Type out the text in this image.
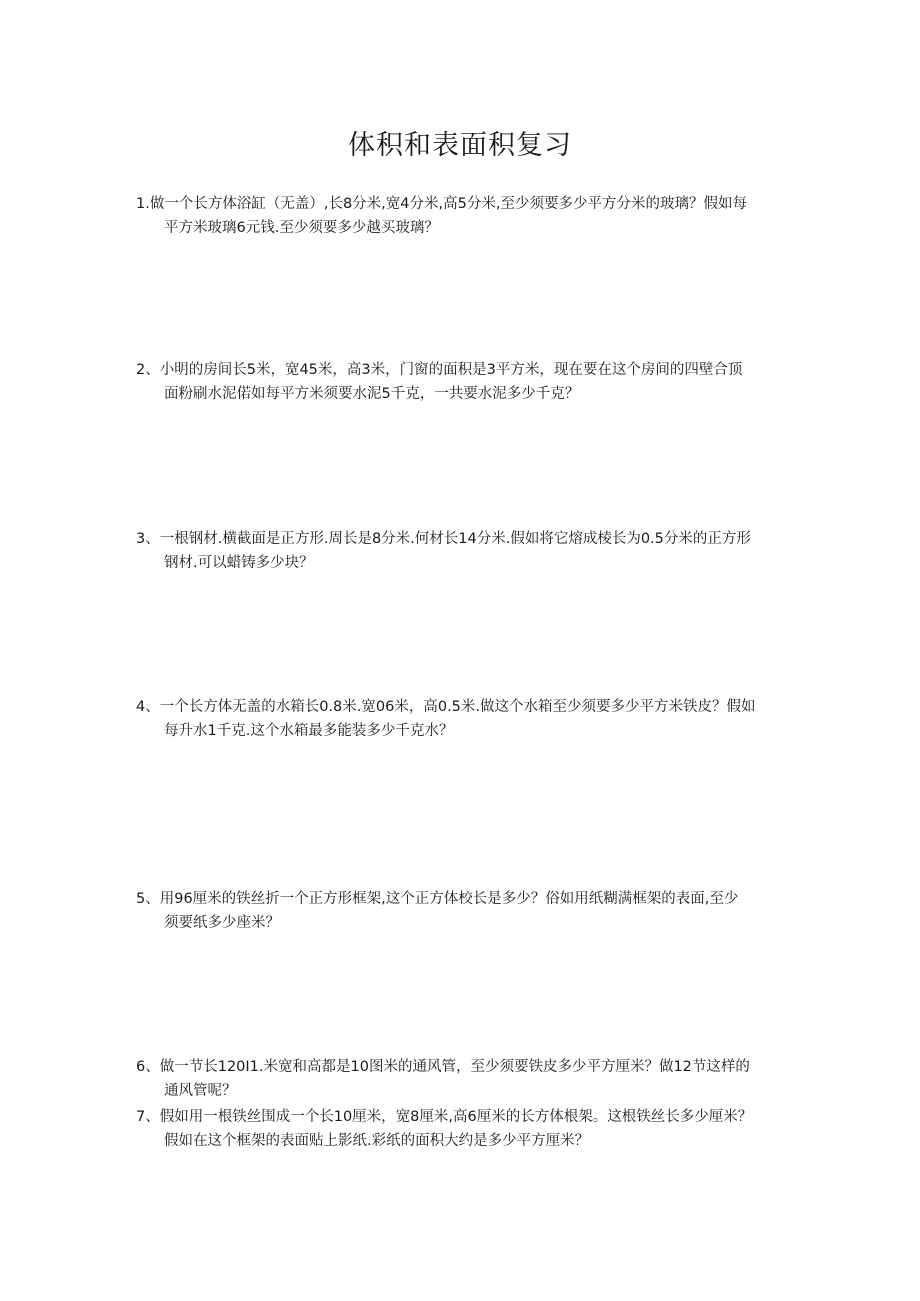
体积和表面积复习
1.做一个长方体浴缸（无盖）,长8分米,宽4分米,高5分米,至少须要多少平方分米的玻璃？假如每
平方米玻璃6元钱.至少须要多少越买玻璃？
2、小明的房间长5米，宽45米，高3米，门窗的面积是3平方米，现在要在这个房间的四壁合顶
面粉刷水泥偌如每平方米须要水泥5千克，一共要水泥多少千克？
3、一根钢材.横截面是正方形.周长是8分米.何材长14分米.假如将它熔成棱长为0.5分米的正方形
钢材.可以蜡铸多少块？
4、一个长方体无盖的水箱长0.8米.宽06米，高0.5米.做这个水箱至少须要多少平方米铁皮？假如
每升水1千克.这个水箱最多能装多少千克水？
5、用96厘米的铁丝折一个正方形框架,这个正方体校长是多少？俗如用纸糊满框架的表面,至少
须要纸多少座米？
6、做一节长120I1.米宽和高都是10图米的通风管，至少须要铁皮多少平方厘米？做12节这样的
通风管呢？
7、假如用一根铁丝围成一个长10厘米，宽8厘米,高6厘米的长方体根架。这根铁丝长多少厘米？
假如在这个框架的表面贴上影纸.彩纸的面积大约是多少平方厘米？
